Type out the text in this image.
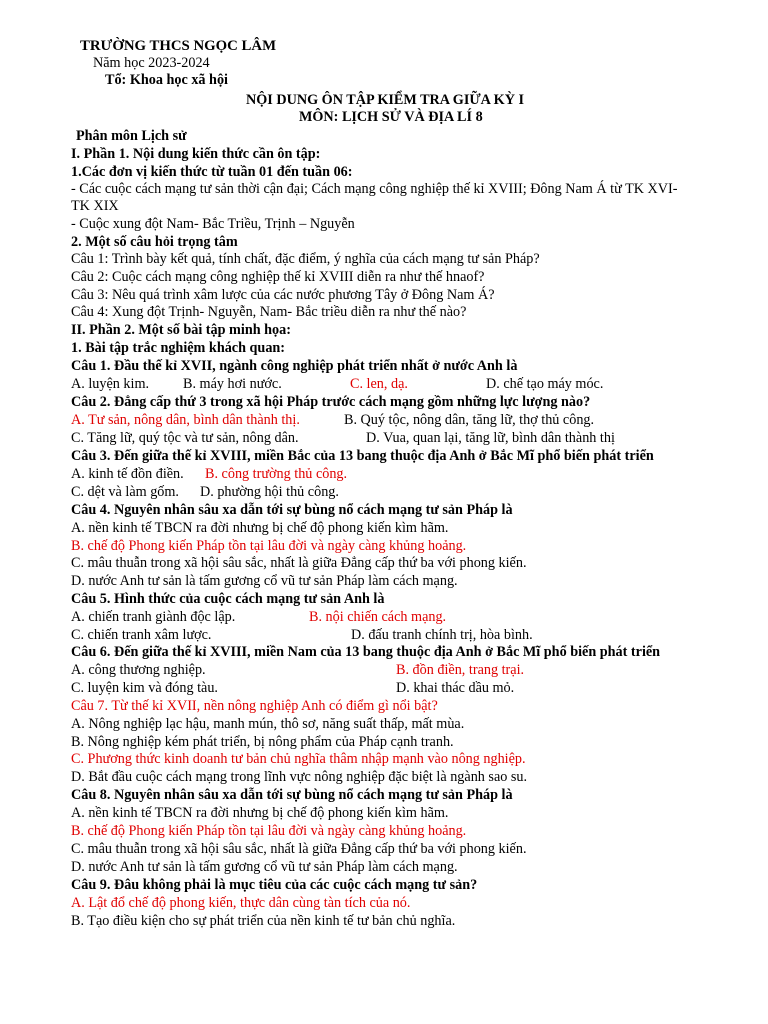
TRƯỜNG THCS NGỌC LÂM
Năm học 2023-2024
Tổ: Khoa học xã hội
NỘI DUNG ÔN TẬP KIỂM TRA GIỮA KỲ I
MÔN: LỊCH SỬ VÀ ĐỊA LÍ 8
Phân môn Lịch sử
I. Phần 1. Nội dung kiến thức cần ôn tập:
1.Các đơn vị kiến thức từ tuần 01 đến tuần 06:
- Các cuộc cách mạng tư sản thời cận đại; Cách mạng công nghiệp thế kỉ XVIII; Đông Nam Á từ TK XVI-
TK XIX
- Cuộc xung đột Nam- Bắc Triều, Trịnh – Nguyễn
2. Một số câu hỏi trọng tâm
Câu 1: Trình bày kết quả, tính chất, đặc điểm, ý nghĩa của cách mạng tư sản Pháp?
Câu 2: Cuộc cách mạng công nghiệp thế kỉ XVIII diễn ra như thế hnaof?
Câu 3: Nêu quá trình xâm lược của các nước phương Tây ở Đông Nam Á?
Câu 4: Xung đột Trịnh- Nguyễn, Nam- Bắc triều diễn ra như thế nào?
II. Phần 2. Một số bài tập minh họa:
1. Bài tập trắc nghiệm khách quan:
Câu 1. Đầu thế kỉ XVII, ngành công nghiệp phát triển nhất ở nước Anh là
A. luyện kim. B. máy hơi nước.	C. len, dạ.	D. chế tạo máy móc.
Câu 2. Đẳng cấp thứ 3 trong xã hội Pháp trước cách mạng gồm những lực lượng nào?
A. Tư sản, nông dân, bình dân thành thị.	B. Quý tộc, nông dân, tăng lữ, thợ thủ công.
C. Tăng lữ, quý tộc và tư sản, nông dân.	D. Vua, quan lại, tăng lữ, bình dân thành thị
Câu 3. Đến giữa thế kỉ XVIII, miền Bắc của 13 bang thuộc địa Anh ở Bắc Mĩ phổ biến phát triển
A. kinh tế đồn điền. B. công trường thủ công.
C. dệt và làm gốm. D. phường hội thủ công.
Câu 4. Nguyên nhân sâu xa dẫn tới sự bùng nổ cách mạng tư sản Pháp là
A. nền kinh tế TBCN ra đời nhưng bị chế độ phong kiến kìm hãm.
B. chế độ Phong kiến Pháp tồn tại lâu đời và ngày càng khủng hoảng.
C. mâu thuẫn trong xã hội sâu sắc, nhất là giữa Đẳng cấp thứ ba với phong kiến.
D. nước Anh tư sản là tấm gương cổ vũ tư sản Pháp làm cách mạng.
Câu 5. Hình thức của cuộc cách mạng tư sản Anh là
A. chiến tranh giành độc lập.	B. nội chiến cách mạng.
C. chiến tranh xâm lược.	D. đấu tranh chính trị, hòa bình.
Câu 6. Đến giữa thế kỉ XVIII, miền Nam của 13 bang thuộc địa Anh ở Bắc Mĩ phổ biến phát triển
A. công thương nghiệp.	B. đồn điền, trang trại.
C. luyện kim và đóng tàu.	D. khai thác dầu mỏ.
Câu 7. Từ thế kỉ XVII, nền nông nghiệp Anh có điểm gì nổi bật?
A. Nông nghiệp lạc hậu, manh mún, thô sơ, năng suất thấp, mất mùa.
B. Nông nghiệp kém phát triển, bị nông phẩm của Pháp cạnh tranh.
C. Phương thức kinh doanh tư bản chủ nghĩa thâm nhập mạnh vào nông nghiệp.
D. Bắt đầu cuộc cách mạng trong lĩnh vực nông nghiệp đặc biệt là ngành sao su.
Câu 8. Nguyên nhân sâu xa dẫn tới sự bùng nổ cách mạng tư sản Pháp là
A. nền kinh tế TBCN ra đời nhưng bị chế độ phong kiến kìm hãm.
B. chế độ Phong kiến Pháp tồn tại lâu đời và ngày càng khủng hoảng.
C. mâu thuẫn trong xã hội sâu sắc, nhất là giữa Đẳng cấp thứ ba với phong kiến.
D. nước Anh tư sản là tấm gương cổ vũ tư sản Pháp làm cách mạng.
Câu 9. Đâu không phải là mục tiêu của các cuộc cách mạng tư sản?
A. Lật đổ chế độ phong kiến, thực dân cùng tàn tích của nó.
B. Tạo điều kiện cho sự phát triển của nền kinh tế tư bản chủ nghĩa.
